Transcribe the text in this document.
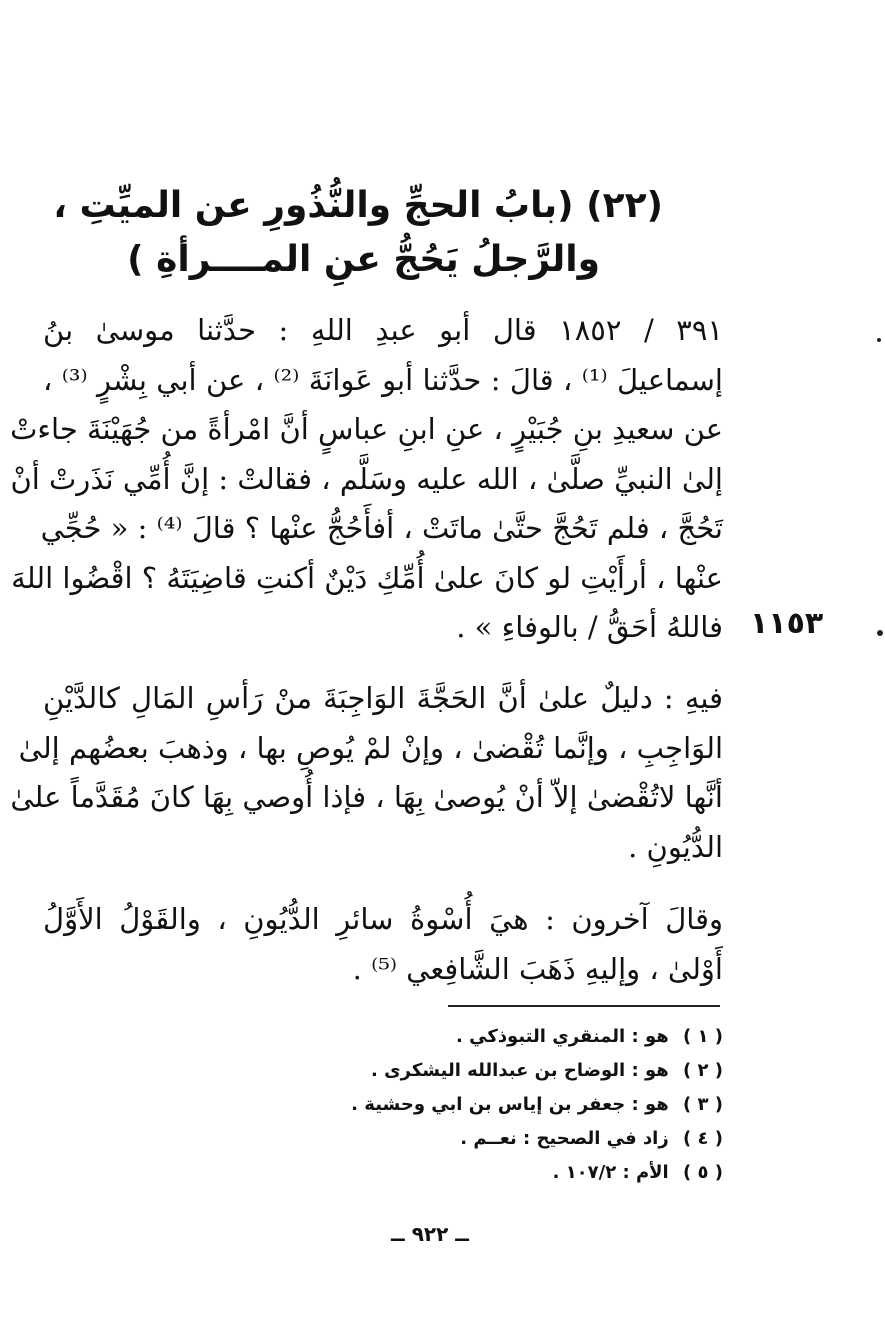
(٢٢) (بابُ الحجِّ والنُّذُورِ عن الميِّتِ ،
والرَّجلُ يَحُجُّ عنِ المــــرأةِ )
٣٩١ / ١٨٥٢ قال أبو عبدِ اللهِ : حدَّثنا موسىٰ بنُ
إسماعيلَ ⁽¹⁾ ، قالَ : حدَّثنا أبو عَوانَةَ ⁽²⁾ ، عن أبي بِشْرٍ ⁽³⁾ ،
عن سعيدِ بنِ جُبَيْرٍ ، عنِ ابنِ عباسٍ أنَّ امْرأةً من جُهَيْنَةَ جاءتْ
إلىٰ النبيِّ صلَّىٰ ، الله عليه وسَلَّم ، فقالتْ : إنَّ أُمِّي نَذَرتْ أنْ
تَحُجَّ ، فلم تَحُجَّ حتَّىٰ ماتَتْ ، أفأَحُجُّ عنْها ؟ قالَ ⁽⁴⁾ : « حُجِّي
عنْها ، أرأَيْتِ لو كانَ علىٰ أُمِّكِ دَيْنٌ أكنتِ قاضِيَتَهُ ؟ اقْضُوا اللهَ
فاللهُ أحَقُّ / بالوفاءِ » . ١١٥٣
فيهِ : دليلٌ علىٰ أنَّ الحَجَّةَ الوَاجِبَةَ منْ رَأسِ المَالِ كالدَّيْنِ
الوَاجِبِ ، وإنَّما تُقْضىٰ ، وإنْ لمْ يُوصِ بها ، وذهبَ بعضُهم إلىٰ
أنَّها لاتُقْضىٰ إلاّ أنْ يُوصىٰ بِهَا ، فإذا أُوصي بِهَا كانَ مُقَدَّماً علىٰ
الدُّيُونِ .
وقالَ آخرون : هيَ أُسْوةُ سائرِ الدُّيُونِ ، والقَوْلُ الأَوَّلُ
أَوْلىٰ ، وإليهِ ذَهَبَ الشَّافِعي ⁽⁵⁾ .
( ١ ) هو : المنقري التبوذكي .
( ٢ ) هو : الوضاح بن عبدالله اليشكرى .
( ٣ ) هو : جعفر بن إياس بن ابي وحشية .
( ٤ ) زاد في الصحيح : نعــم .
( ٥ ) الأم : ١٠٧/٢ .
ــ ٩٢٢ ــ
